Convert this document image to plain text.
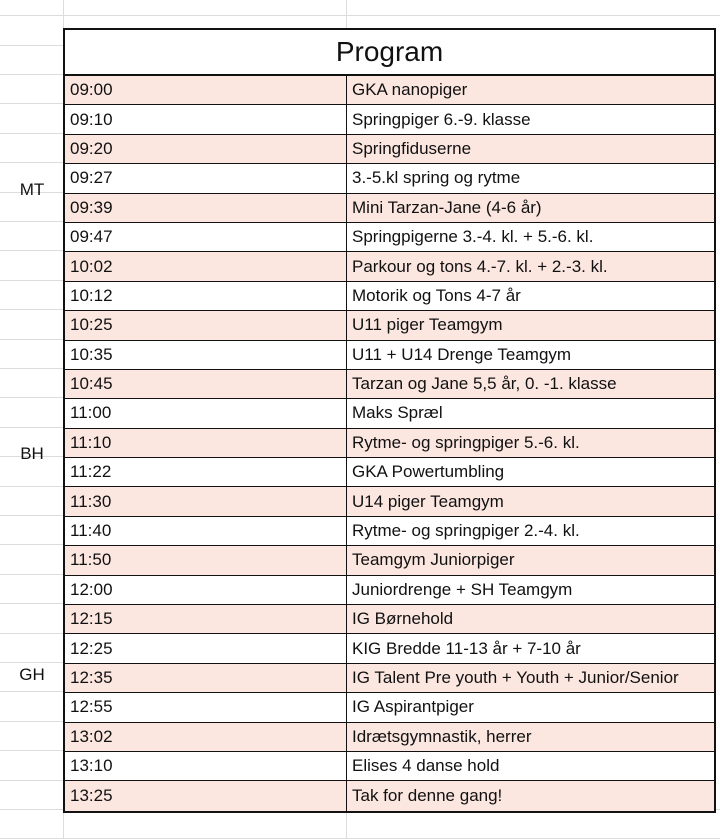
MT
BH
GH
Program
09:00	GKA nanopiger
09:10	Springpiger 6.-9. klasse
09:20	Springfiduserne
09:27	3.-5.kl spring og rytme
09:39	Mini Tarzan-Jane (4-6 år)
09:47	Springpigerne 3.-4. kl. + 5.-6. kl.
10:02	Parkour og tons 4.-7. kl. + 2.-3. kl.
10:12	Motorik og Tons 4-7 år
10:25	U11 piger Teamgym
10:35	U11 + U14 Drenge Teamgym
10:45	Tarzan og Jane 5,5 år, 0. -1. klasse
11:00	Maks Spræl
11:10	Rytme- og springpiger 5.-6. kl.
11:22	GKA Powertumbling
11:30	U14 piger Teamgym
11:40	Rytme- og springpiger 2.-4. kl.
11:50	Teamgym Juniorpiger
12:00	Juniordrenge + SH Teamgym
12:15	IG Børnehold
12:25	KIG Bredde 11-13 år + 7-10 år
12:35	IG Talent Pre youth + Youth + Junior/Senior
12:55	IG Aspirantpiger
13:02	Idrætsgymnastik, herrer
13:10	Elises 4 danse hold
13:25	Tak for denne gang!
